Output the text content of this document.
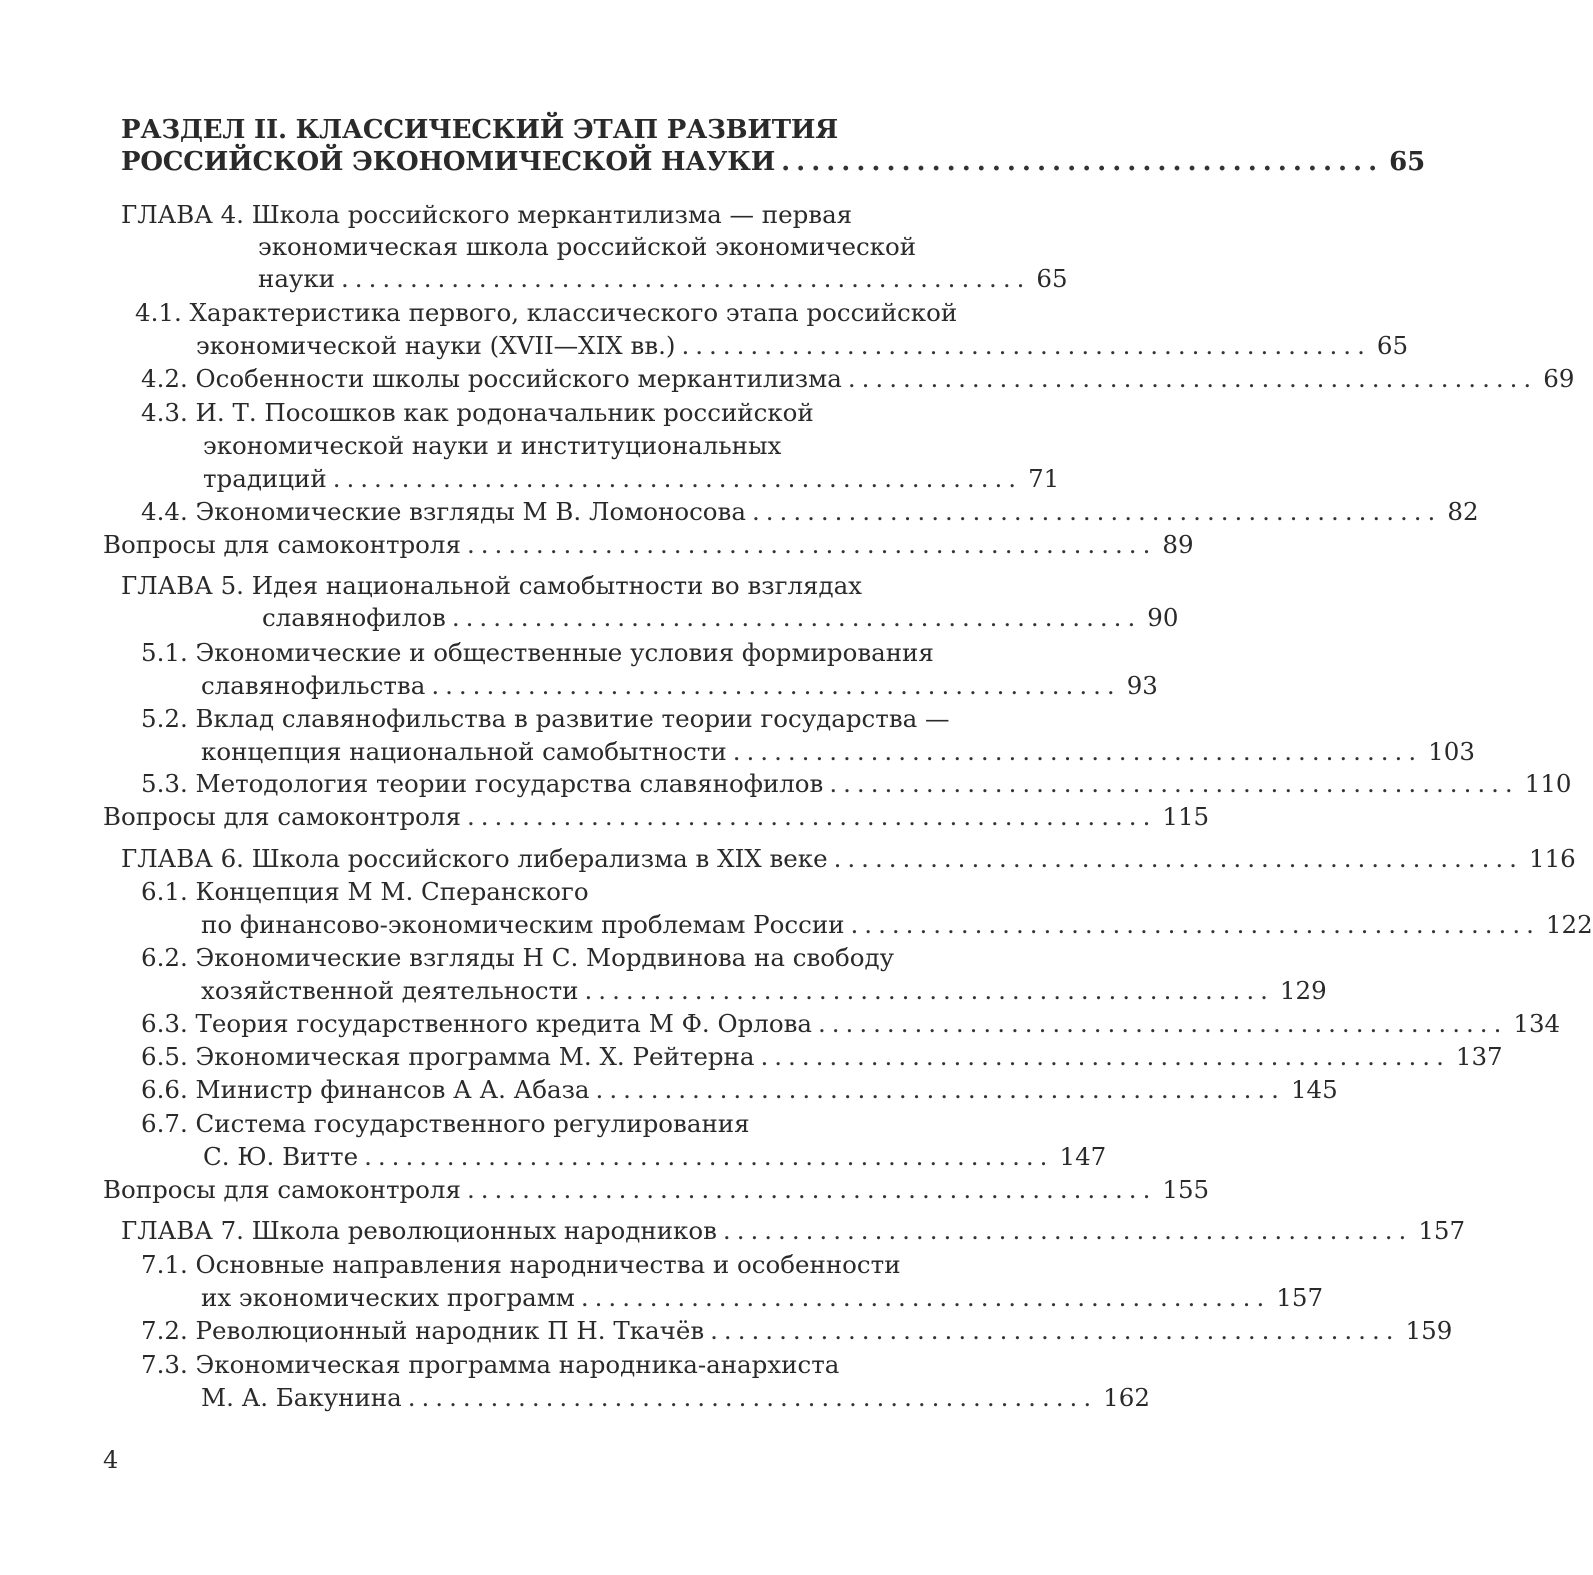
РАЗДЕЛ II. КЛАССИЧЕСКИЙ ЭТАП РАЗВИТИЯ
РОССИЙСКОЙ ЭКОНОМИЧЕСКОЙ НАУКИ ........................................ 65
ГЛАВА 4. Школа российского меркантилизма — первая
экономическая школа российской экономической
науки .................................................. 65
4.1. Характеристика первого, классического этапа российской
экономической науки (XVII—XIX вв.) .................................................. 65
4.2. Особенности школы российского меркантилизма .................................................. 69
4.3. И. Т. Посошков как родоначальник российской
экономической науки и институциональных
традиций .................................................. 71
4.4. Экономические взгляды М В. Ломоносова .................................................. 82
Вопросы для самоконтроля .................................................. 89
ГЛАВА 5. Идея национальной самобытности во взглядах
славянофилов .................................................. 90
5.1. Экономические и общественные условия формирования
славянофильства .................................................. 93
5.2. Вклад славянофильства в развитие теории государства —
концепция национальной самобытности .................................................. 103
5.3. Методология теории государства славянофилов .................................................. 110
Вопросы для самоконтроля .................................................. 115
ГЛАВА 6. Школа российского либерализма в XIX веке .................................................. 116
6.1. Концепция М М. Сперанского
по финансово-экономическим проблемам России .................................................. 122
6.2. Экономические взгляды Н С. Мордвинова на свободу
хозяйственной деятельности .................................................. 129
6.3. Теория государственного кредита М Ф. Орлова .................................................. 134
6.5. Экономическая программа М. Х. Рейтерна .................................................. 137
6.6. Министр финансов А А. Абаза .................................................. 145
6.7. Система государственного регулирования
С. Ю. Витте .................................................. 147
Вопросы для самоконтроля .................................................. 155
ГЛАВА 7. Школа революционных народников .................................................. 157
7.1. Основные направления народничества и особенности
их экономических программ .................................................. 157
7.2. Революционный народник П Н. Ткачёв .................................................. 159
7.3. Экономическая программа народника-анархиста
М. А. Бакунина .................................................. 162
4
